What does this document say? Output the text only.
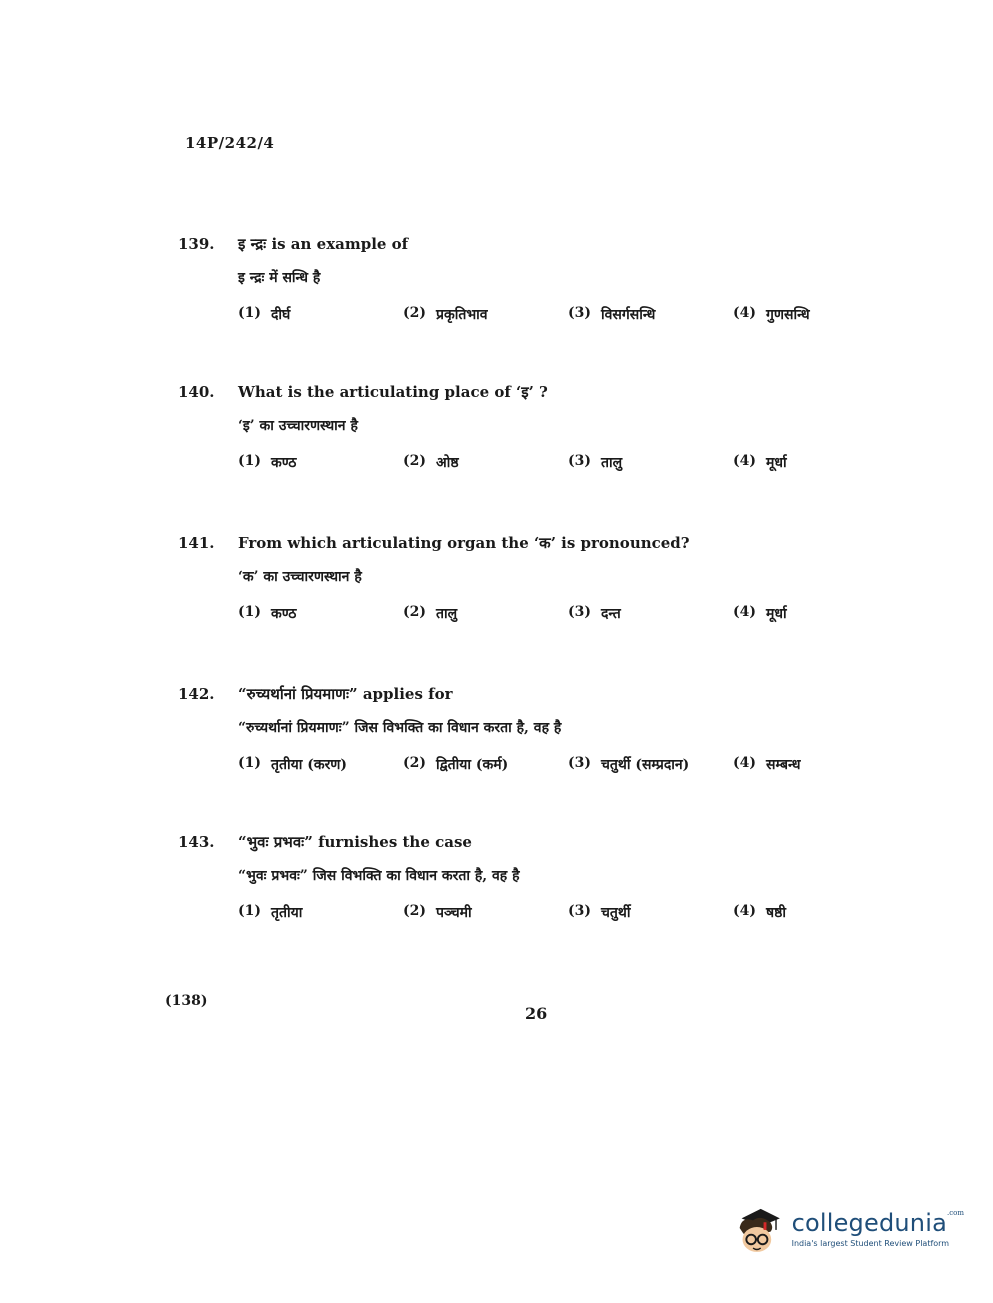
14P/242/4
139.	इ न्द्रः is an example of
इ न्द्रः में सन्धि है
(1) दीर्घ	(2) प्रकृतिभाव	(3) विसर्गसन्धि	(4) गुणसन्धि
140.	What is the articulating place of ‘इ’ ?
‘इ’ का उच्चारणस्थान है
(1) कण्ठ	(2) ओष्ठ	(3) तालु	(4) मूर्धा
141.	From which articulating organ the ‘क’ is pronounced?
‘क’ का उच्चारणस्थान है
(1) कण्ठ	(2) तालु	(3) दन्त	(4) मूर्धा
142.	“रुच्यर्थानां प्रियमाणः” applies for
“रुच्यर्थानां प्रियमाणः” जिस विभक्ति का विधान करता है, वह है
(1) तृतीया (करण)	(2) द्वितीया (कर्म)	(3) चतुर्थी (सम्प्रदान)	(4) सम्बन्ध
143.	“भुवः प्रभवः” furnishes the case
“भुवः प्रभवः” जिस विभक्ति का विधान करता है, वह है
(1) तृतीया	(2) पञ्चमी	(3) चतुर्थी	(4) षष्ठी
(138)
26
collegedunia$^{.com}$
India's largest Student Review Platform
